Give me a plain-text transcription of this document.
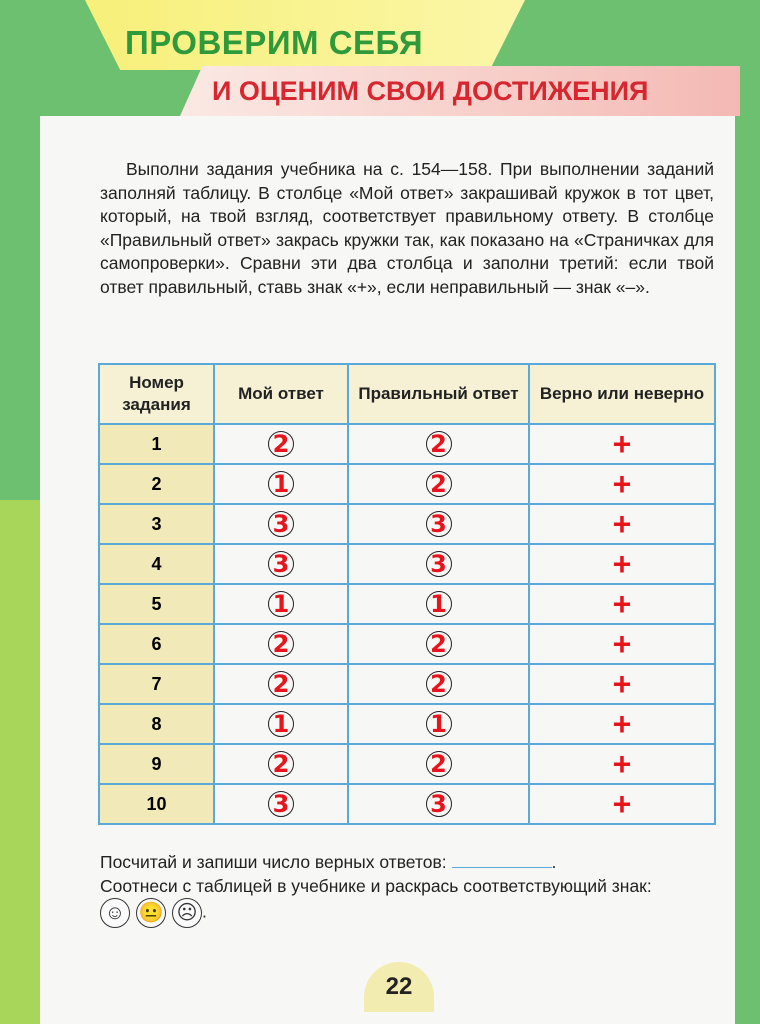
ПРОВЕРИМ СЕБЯ
И ОЦЕНИМ СВОИ ДОСТИЖЕНИЯ
Выполни задания учебника на с. 154—158. При выполнении заданий заполняй таблицу. В столбце «Мой ответ» закрашивай кружок в тот цвет, который, на твой взгляд, соответствует правильному ответу. В столбце «Правильный ответ» закрась кружки так, как показано на «Страничках для самопроверки». Сравни эти два столбца и заполни третий: если твой ответ правильный, ставь знак «+», если неправильный — знак «–».
Номер задания	Мой ответ	Правильный ответ	Верно или неверно
1	2	2	+
2	1	2	+
3	3	3	+
4	3	3	+
5	1	1	+
6	2	2	+
7	2	2	+
8	1	1	+
9	2	2	+
10	3	3	+
Посчитай и запиши число верных ответов:	.
Соотнеси с таблицей в учебнике и раскрась соответствующий знак:
☺ 😐 ☹ .
22
